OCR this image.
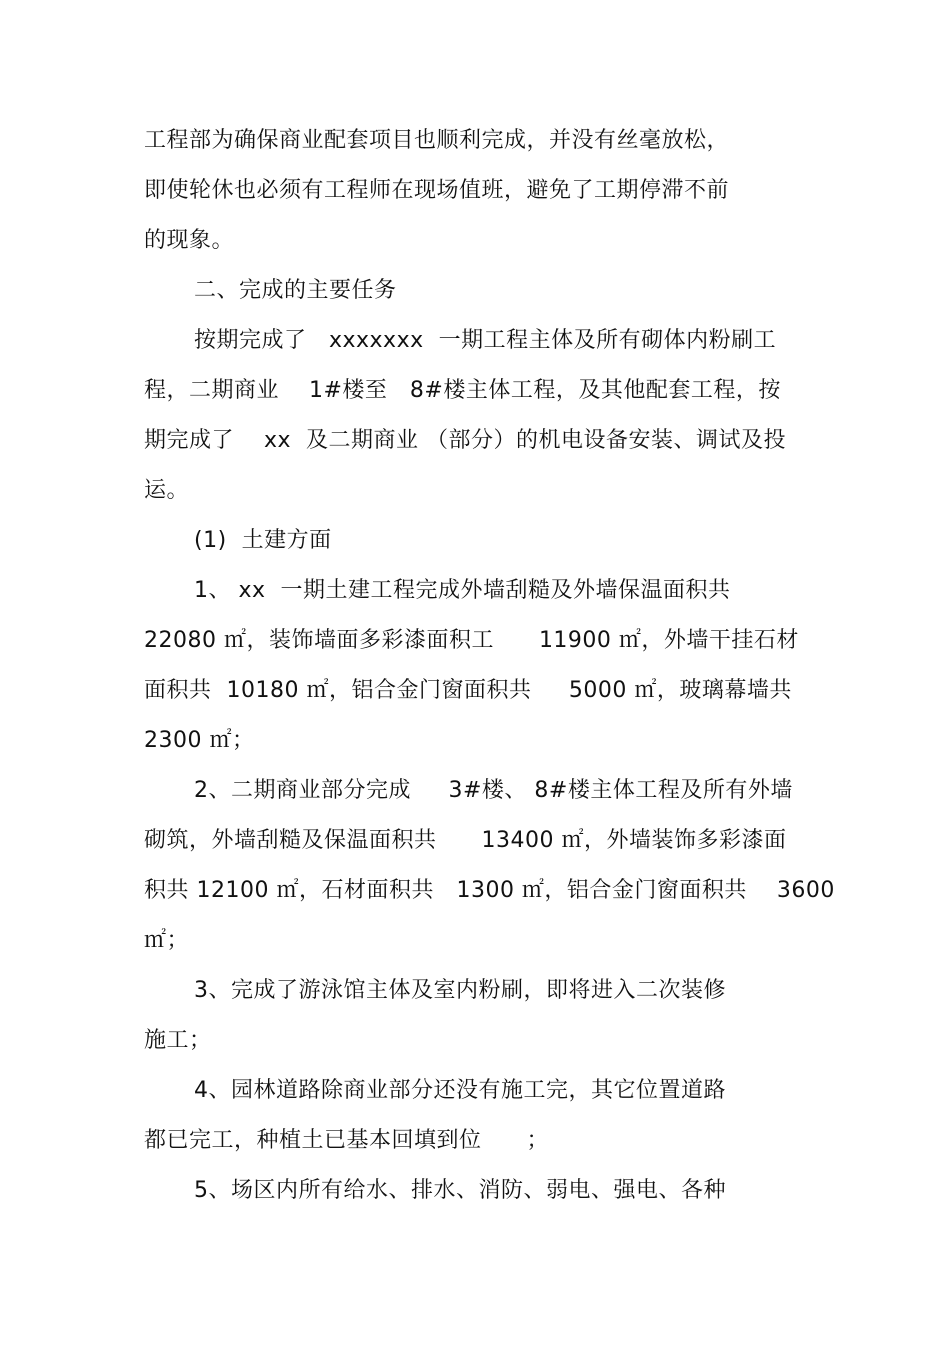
工程部为确保商业配套项目也顺利完成，并没有丝毫放松，
即使轮休也必须有工程师在现场值班，避免了工期停滞不前
的现象。
二、完成的主要任务
按期完成了   xxxxxxx  一期工程主体及所有砌体内粉刷工
程，二期商业    1#楼至   8#楼主体工程，及其他配套工程，按
期完成了    xx  及二期商业 （部分）的机电设备安装、调试及投
运。
(1)  土建方面
1、 xx  一期土建工程完成外墙刮糙及外墙保温面积共
22080 ㎡，装饰墙面多彩漆面积工      11900 ㎡，外墙干挂石材
面积共  10180 ㎡，铝合金门窗面积共     5000 ㎡，玻璃幕墙共
2300 ㎡；
2、二期商业部分完成     3#楼、 8#楼主体工程及所有外墙
砌筑，外墙刮糙及保温面积共      13400 ㎡，外墙装饰多彩漆面
积共 12100 ㎡，石材面积共   1300 ㎡，铝合金门窗面积共    3600
㎡；
3、完成了游泳馆主体及室内粉刷，即将进入二次装修
施工；
4、园林道路除商业部分还没有施工完，其它位置道路
都已完工，种植土已基本回填到位      ；
5、场区内所有给水、排水、消防、弱电、强电、各种
